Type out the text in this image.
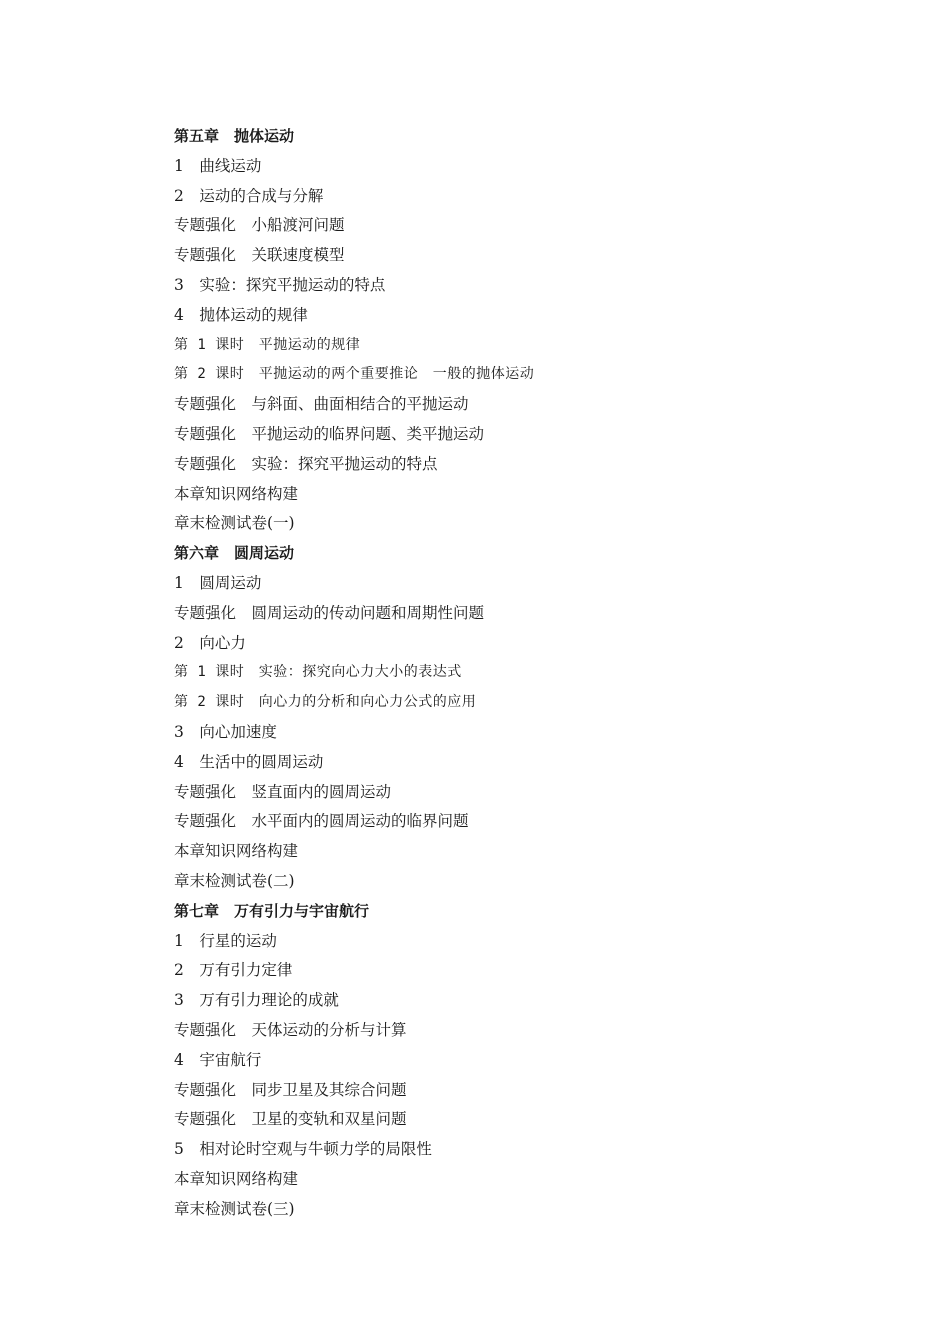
第五章　抛体运动
1　曲线运动
2　运动的合成与分解
专题强化　小船渡河问题
专题强化　关联速度模型
3　实验：探究平抛运动的特点
4　抛体运动的规律
第 1 课时　平抛运动的规律
第 2 课时　平抛运动的两个重要推论　一般的抛体运动
专题强化　与斜面、曲面相结合的平抛运动
专题强化　平抛运动的临界问题、类平抛运动
专题强化　实验：探究平抛运动的特点
本章知识网络构建
章末检测试卷(一)
第六章　圆周运动
1　圆周运动
专题强化　圆周运动的传动问题和周期性问题
2　向心力
第 1 课时　实验：探究向心力大小的表达式
第 2 课时　向心力的分析和向心力公式的应用
3　向心加速度
4　生活中的圆周运动
专题强化　竖直面内的圆周运动
专题强化　水平面内的圆周运动的临界问题
本章知识网络构建
章末检测试卷(二)
第七章　万有引力与宇宙航行
1　行星的运动
2　万有引力定律
3　万有引力理论的成就
专题强化　天体运动的分析与计算
4　宇宙航行
专题强化　同步卫星及其综合问题
专题强化　卫星的变轨和双星问题
5　相对论时空观与牛顿力学的局限性
本章知识网络构建
章末检测试卷(三)
